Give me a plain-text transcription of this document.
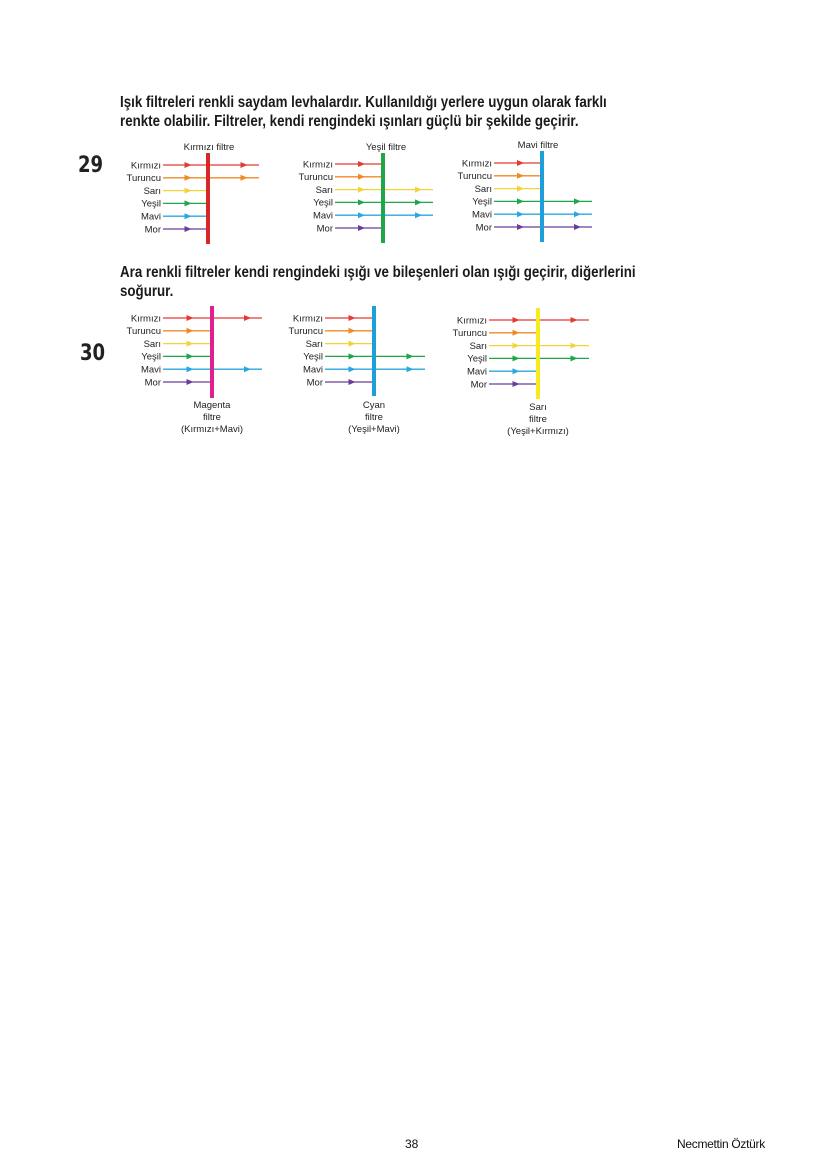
Işık filtreleri renkli saydam levhalardır. Kullanıldığı yerlere uygun olarak farklı

renkte olabilir. Filtreler, kendi rengindeki ışınları güçlü bir şekilde geçirir.

29

Ara renkli filtreler kendi rengindeki ışığı ve bileşenleri olan ışığı geçirir, diğerlerini

soğurur.

30
Kırmızı
Turuncu
Sarı
Yeşil
Mavi
Mor
Kırmızı filtre
Kırmızı
Turuncu
Sarı
Yeşil
Mavi
Mor
Yeşil filtre
Kırmızı
Turuncu
Sarı
Yeşil
Mavi
Mor
Mavi filtre
Kırmızı
Turuncu
Sarı
Yeşil
Mavi
Mor
Magenta
filtre
(Kırmızı+Mavi)
Kırmızı
Turuncu
Sarı
Yeşil
Mavi
Mor
Cyan
filtre
(Yeşil+Mavi)
Kırmızı
Turuncu
Sarı
Yeşil
Mavi
Mor
Sarı
filtre
(Yeşil+Kırmızı)
38	Necmettin Öztürk
